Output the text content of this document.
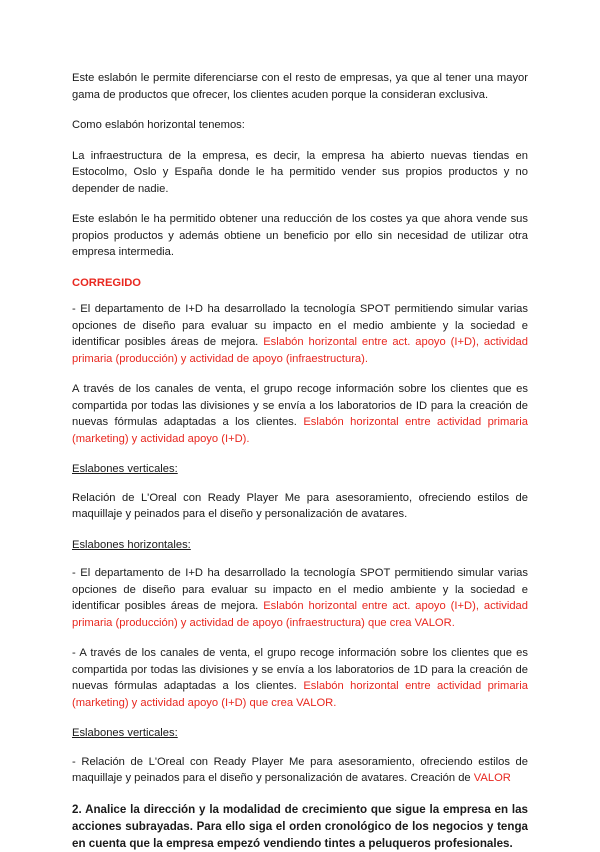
Este eslabón le permite diferenciarse con el resto de empresas, ya que al tener una mayor gama de productos que ofrecer, los clientes acuden porque la consideran exclusiva.

Como eslabón horizontal tenemos:

La infraestructura de la empresa, es decir, la empresa ha abierto nuevas tiendas en Estocolmo, Oslo y España donde le ha permitido vender sus propios productos y no depender de nadie.

Este eslabón le ha permitido obtener una reducción de los costes ya que ahora vende sus propios productos y además obtiene un beneficio por ello sin necesidad de utilizar otra empresa intermedia.

CORREGIDO

- El departamento de I+D ha desarrollado la tecnología SPOT permitiendo simular varias opciones de diseño para evaluar su impacto en el medio ambiente y la sociedad e identificar posibles áreas de mejora. Eslabón horizontal entre act. apoyo (I+D), actividad primaria (producción) y actividad de apoyo (infraestructura).

A través de los canales de venta, el grupo recoge información sobre los clientes que es compartida por todas las divisiones y se envía a los laboratorios de ID para la creación de nuevas fórmulas adaptadas a los clientes. Eslabón horizontal entre actividad primaria (marketing) y actividad apoyo (I+D).

Eslabones verticales:

Relación de L'Oreal con Ready Player Me para asesoramiento, ofreciendo estilos de maquillaje y peinados para el diseño y personalización de avatares.

Eslabones horizontales:

- El departamento de I+D ha desarrollado la tecnología SPOT permitiendo simular varias opciones de diseño para evaluar su impacto en el medio ambiente y la sociedad e identificar posibles áreas de mejora. Eslabón horizontal entre act. apoyo (I+D), actividad primaria (producción) y actividad de apoyo (infraestructura) que crea VALOR.

- A través de los canales de venta, el grupo recoge información sobre los clientes que es compartida por todas las divisiones y se envía a los laboratorios de 1D para la creación de nuevas fórmulas adaptadas a los clientes. Eslabón horizontal entre actividad primaria (marketing) y actividad apoyo (I+D) que crea VALOR.

Eslabones verticales:

- Relación de L'Oreal con Ready Player Me para asesoramiento, ofreciendo estilos de maquillaje y peinados para el diseño y personalización de avatares. Creación de VALOR

2. Analice la dirección y la modalidad de crecimiento que sigue la empresa en las acciones subrayadas. Para ello siga el orden cronológico de los negocios y tenga en cuenta que la empresa empezó vendiendo tintes a peluqueros profesionales.
